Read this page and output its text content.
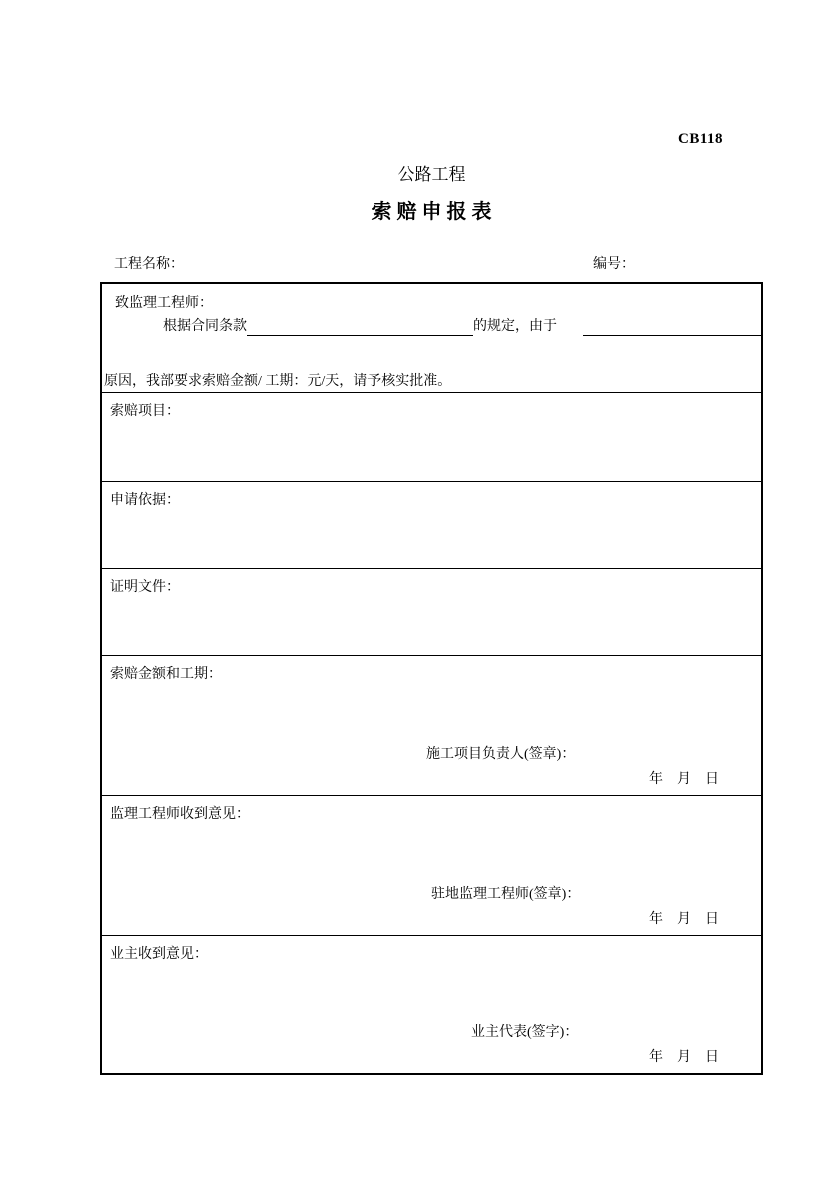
CB118
公路工程
索 赔 申 报 表
工程名称：	编号：
致监理工程师：
根据合同条款	的规定，由于
原因，我部要求索赔金额/ 工期：元/天，请予核实批准。
索赔项目：
申请依据：
证明文件：
索赔金额和工期：
施工项目负责人(签章)：
年　月　日
监理工程师收到意见：
驻地监理工程师(签章)：
年　月　日
业主收到意见：
业主代表(签字)：
年　月　日
